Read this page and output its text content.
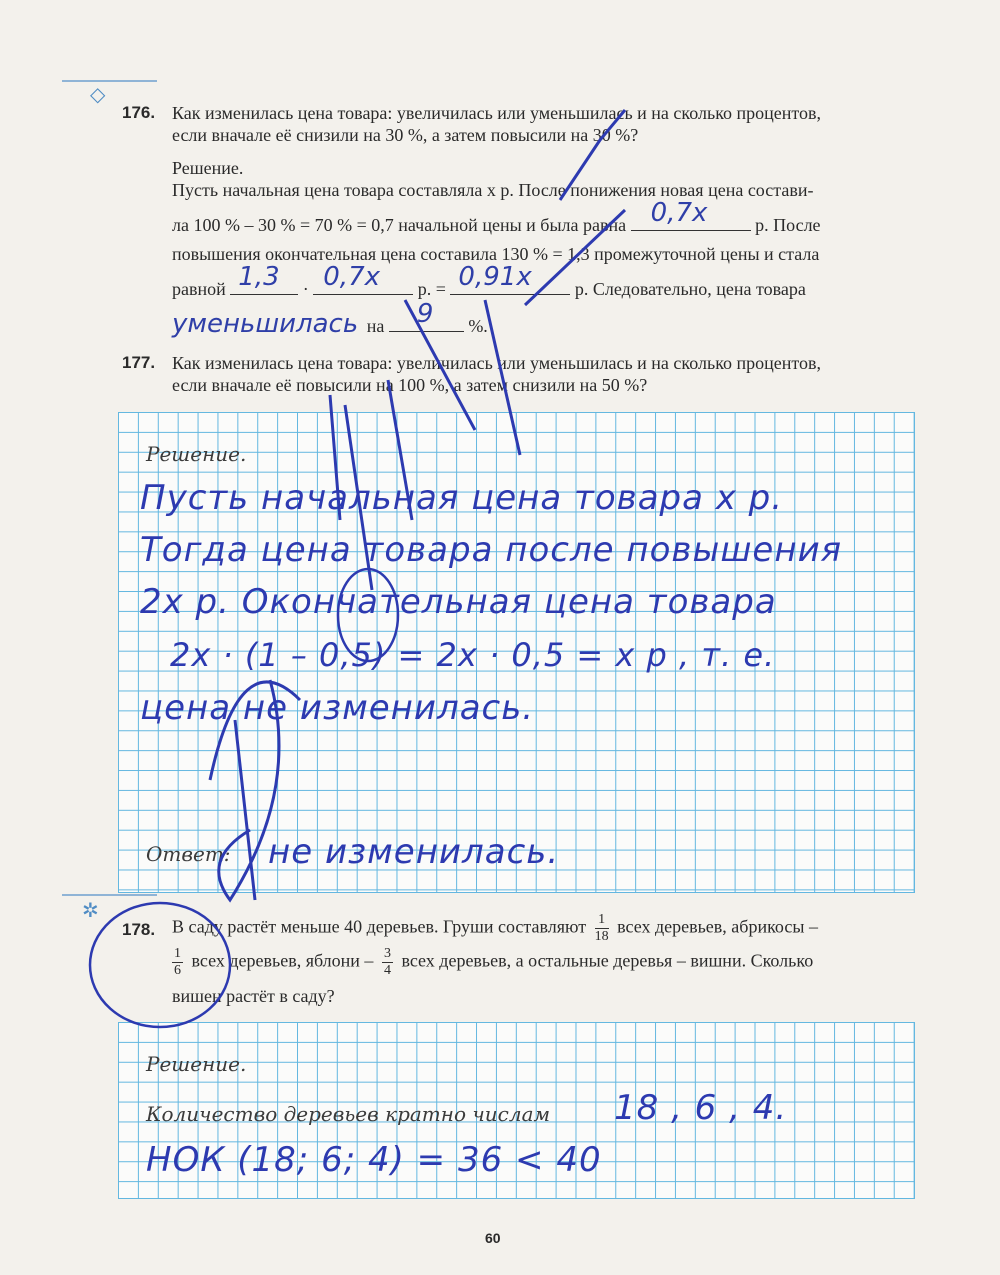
◇
176. Как изменилась цена товара: увеличилась или уменьшилась и на сколько процентов,
если вначале её снизили на 30 %, а затем повысили на 30 %?
Решение.
Пусть начальная цена товара составляла x р. После понижения новая цена состави-
ла 100 % – 30 % = 70 % = 0,7 начальной цены и была равна 0,7x	р. После
повышения окончательная цена составила 130 % = 1,3 промежуточной цены и стала
равной 1,3 · 0,7x р. = 0,91x р. Следовательно, цена товара
уменьшилась на 9 %.
177. Как изменилась цена товара: увеличилась или уменьшилась и на сколько процентов,
если вначале её повысили на 100 %, а затем снизили на 50 %?
Решение.
Пусть начальная цена товара x р.
Тогда цена товара после повышения
2x р. Окончательная цена товара
2x · (1 – 0,5) = 2x · 0,5 = x р , т. е.
цена не изменилась.
Ответ: не изменилась.
✲
178. В саду растёт меньше 40 деревьев. Груши составляют $\frac{1}{18}$ всех деревьев, абрикосы –
$\frac{1}{6}$ всех деревьев, яблони – $\frac{3}{4}$ всех деревьев, а остальные деревья – вишни. Сколько
вишен растёт в саду?
Решение.
Количество деревьев кратно числам 18 , 6 , 4.
НОК (18; 6; 4) = 36 < 40
60
